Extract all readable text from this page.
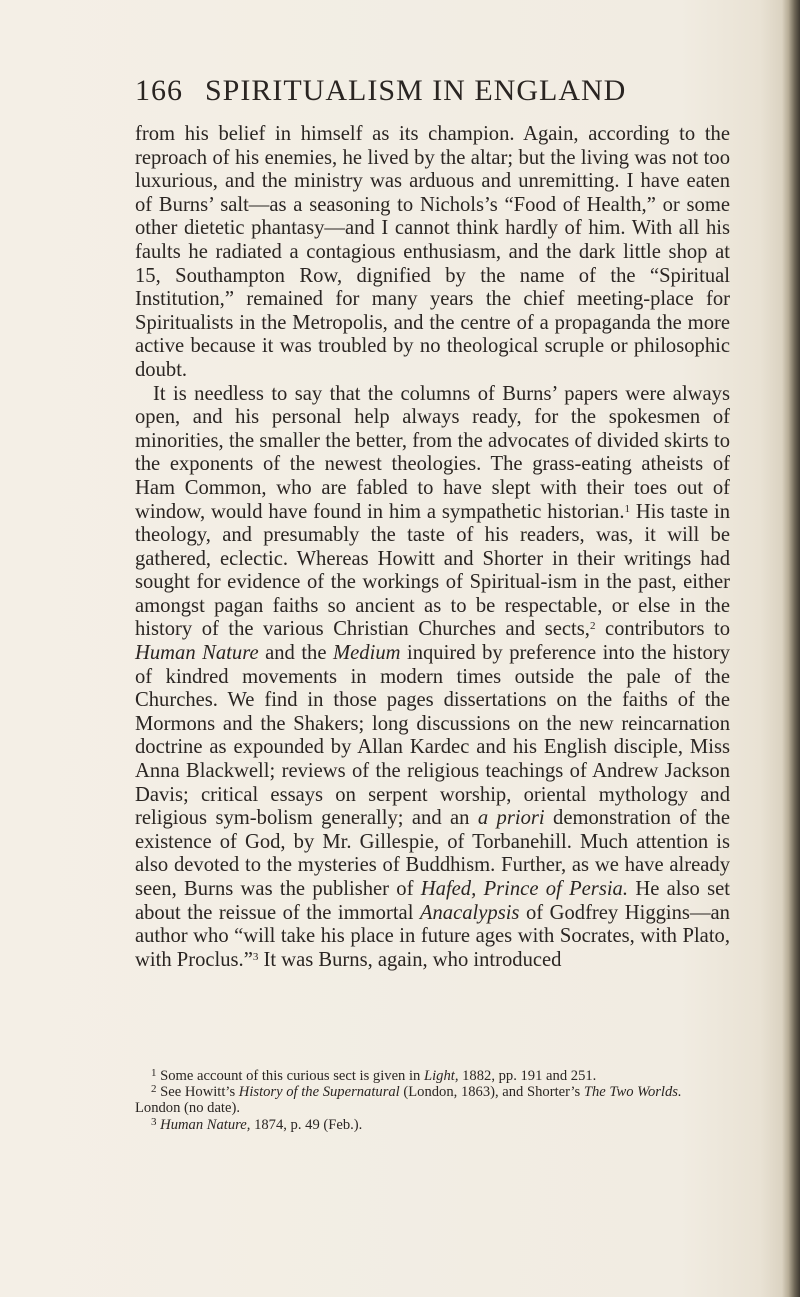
166 SPIRITUALISM IN ENGLAND

from his belief in himself as its champion. Again, according to the reproach of his enemies, he lived by the altar; but the living was not too luxurious, and the ministry was arduous and unremitting. I have eaten of Burns’ salt—as a seasoning to Nichols’s “Food of Health,” or some other dietetic phantasy—and I cannot think hardly of him. With all his faults he radiated a contagious enthusiasm, and the dark little shop at 15, Southampton Row, dignified by the name of the “Spiritual Institution,” remained for many years the chief meeting-place for Spiritualists in the Metropolis, and the centre of a propaganda the more active because it was troubled by no theological scruple or philosophic doubt.

It is needless to say that the columns of Burns’ papers were always open, and his personal help always ready, for the spokesmen of minorities, the smaller the better, from the advocates of divided skirts to the exponents of the newest theologies. The grass-eating atheists of Ham Common, who are fabled to have slept with their toes out of window, would have found in him a sympathetic historian.$^1$ His taste in theology, and presumably the taste of his readers, was, it will be gathered, eclectic. Whereas Howitt and Shorter in their writings had sought for evidence of the workings of Spiritual-ism in the past, either amongst pagan faiths so ancient as to be respectable, or else in the history of the various Christian Churches and sects,$^2$ contributors to Human Nature and the Medium inquired by preference into the history of kindred movements in modern times outside the pale of the Churches. We find in those pages dissertations on the faiths of the Mormons and the Shakers; long discussions on the new reincarnation doctrine as expounded by Allan Kardec and his English disciple, Miss Anna Blackwell; reviews of the religious teachings of Andrew Jackson Davis; critical essays on serpent worship, oriental mythology and religious sym-bolism generally; and an a priori demonstration of the existence of God, by Mr. Gillespie, of Torbanehill. Much attention is also devoted to the mysteries of Buddhism. Further, as we have already seen, Burns was the publisher of Hafed, Prince of Persia. He also set about the reissue of the immortal Anacalypsis of Godfrey Higgins—an author who “will take his place in future ages with Socrates, with Plato, with Proclus.”$^3$ It was Burns, again, who introduced

$^1$ Some account of this curious sect is given in Light, 1882, pp. 191 and 251.

$^2$ See Howitt’s History of the Supernatural (London, 1863), and Shorter’s The Two Worlds. London (no date).

$^3$ Human Nature, 1874, p. 49 (Feb.).
